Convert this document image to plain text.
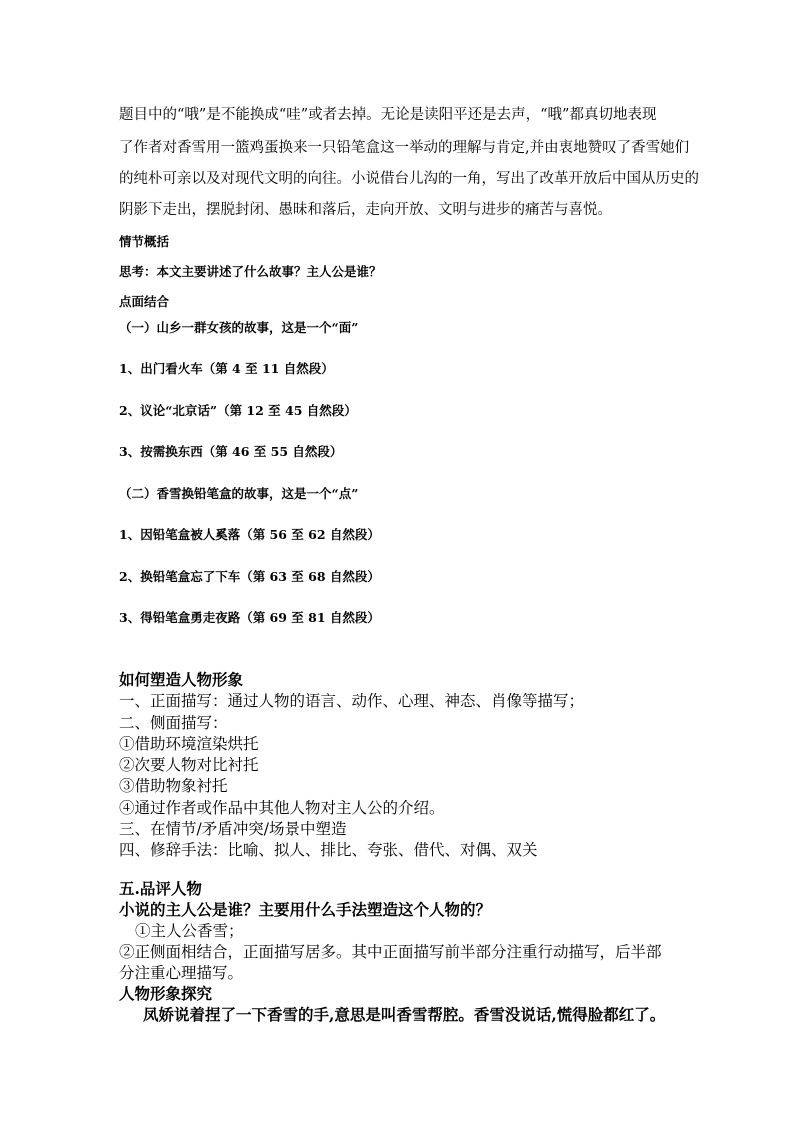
题目中的“哦”是不能换成“哇”或者去掉。无论是读阳平还是去声，“哦”都真切地表现
了作者对香雪用一篮鸡蛋换来一只铅笔盒这一举动的理解与肯定,并由衷地赞叹了香雪她们
的纯朴可亲以及对现代文明的向往。小说借台儿沟的一角，写出了改革开放后中国从历史的
阴影下走出，摆脱封闭、愚昧和落后，走向开放、文明与进步的痛苦与喜悦。
情节概括
思考：本文主要讲述了什么故事？主人公是谁？
点面结合
（一）山乡一群女孩的故事，这是一个“面”
1、出门看火车（第 4 至 11 自然段）
2、议论“北京话”（第 12 至 45 自然段）
3、按需换东西（第 46 至 55 自然段）
（二）香雪换铅笔盒的故事，这是一个“点”
1、因铅笔盒被人奚落（第 56 至 62 自然段）
2、换铅笔盒忘了下车（第 63 至 68 自然段）
3、得铅笔盒勇走夜路（第 69 至 81 自然段）
如何塑造人物形象
一、正面描写：通过人物的语言、动作、心理、神态、肖像等描写；
二、侧面描写：
①借助环境渲染烘托
②次要人物对比衬托
③借助物象衬托
④通过作者或作品中其他人物对主人公的介绍。
三、在情节/矛盾冲突/场景中塑造
四、修辞手法：比喻、拟人、排比、夸张、借代、对偶、双关
五.品评人物
小说的主人公是谁？主要用什么手法塑造这个人物的？
①主人公香雪；
②正侧面相结合，正面描写居多。其中正面描写前半部分注重行动描写，后半部
分注重心理描写。
人物形象探究
凤娇说着捏了一下香雪的手,意思是叫香雪帮腔。香雪没说话,慌得脸都红了。
